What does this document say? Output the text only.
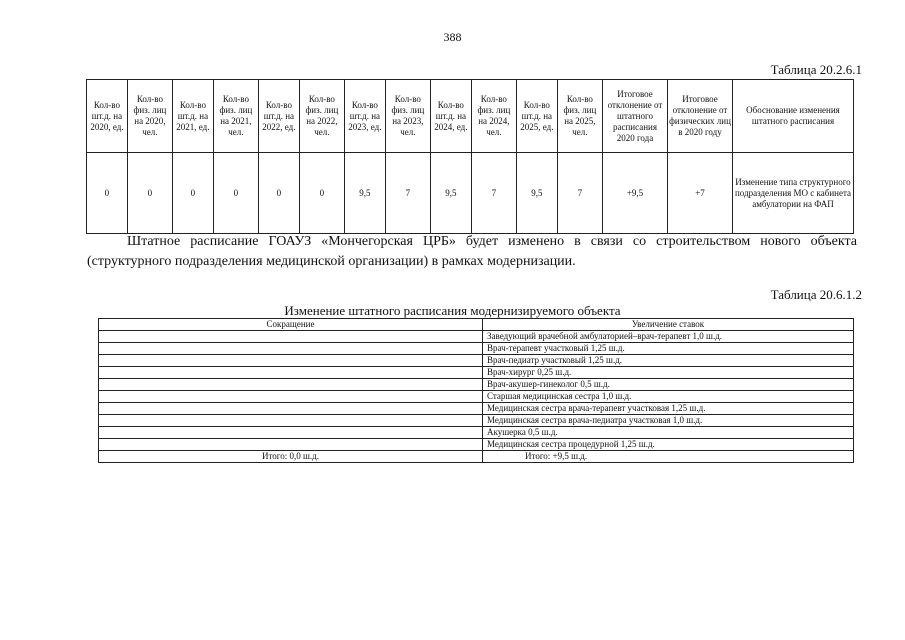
388
Таблица 20.2.6.1
Кол-во шт.д. на 2020, ед.	Кол-во физ. лиц на 2020, чел.	Кол-во шт.д. на 2021, ед.	Кол-во физ. лиц на 2021, чел.	Кол-во шт.д. на 2022, ед.	Кол-во физ. лиц на 2022, чел.	Кол-во шт.д. на 2023, ед.	Кол-во физ. лиц на 2023, чел.	Кол-во шт.д. на 2024, ед.	Кол-во физ. лиц на 2024, чел.	Кол-во шт.д. на 2025, ед.	Кол-во физ. лиц на 2025, чел.	Итоговое отклонение от штатного расписания 2020 года	Итоговое отклонение от физических лиц в 2020 году	Обоснование изменения штатного расписания
0	0	0	0	0	0	9,5	7	9,5	7	9,5	7	+9,5	+7	Изменение типа структурного подразделения МО с кабинета амбулатории на ФАП
Штатное расписание ГОАУЗ «Мончегорская ЦРБ» будет изменено в связи со строительством нового объекта (структурного подразделения медицинской организации) в рамках модернизации.
Таблица 20.6.1.2
Изменение штатного расписания модернизируемого объекта
Сокращение	Увеличение ставок
	Заведующий врачебной амбулаторией–врач-терапевт 1,0 ш.д.
	Врач-терапевт участковый 1,25 ш.д.
	Врач-педиатр участковый 1,25 ш.д.
	Врач-хирург 0,25 ш.д.
	Врач-акушер-гинеколог 0,5 ш.д.
	Старшая медицинская сестра 1,0 ш.д.
	Медицинская сестра врача-терапевт участковая 1,25 ш.д.
	Медицинская сестра врача-педиатра участковая 1,0 ш.д.
	Акушерка 0,5 ш.д.
	Медицинская сестра процедурной 1,25 ш.д.
Итого: 0,0 ш.д.	Итого: +9,5 ш.д.
